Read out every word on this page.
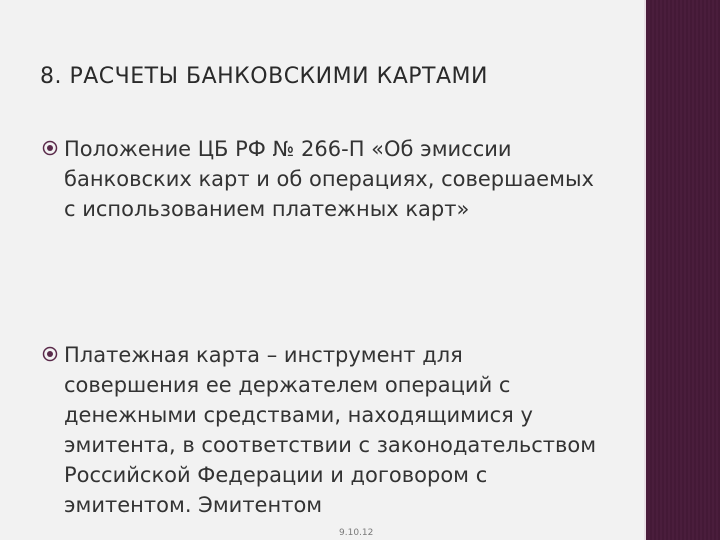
8. РАСЧЕТЫ БАНКОВСКИМИ КАРТАМИ
Положение ЦБ РФ № 266-П «Об эмиссии банковских карт и об операциях, совершаемых с использованием платежных карт»
Платежная карта – инструмент для совершения ее держателем операций с денежными средствами, находящимися у эмитента, в соответствии с законодательством Российской Федерации и договором с эмитентом. Эмитентом
9.10.12
